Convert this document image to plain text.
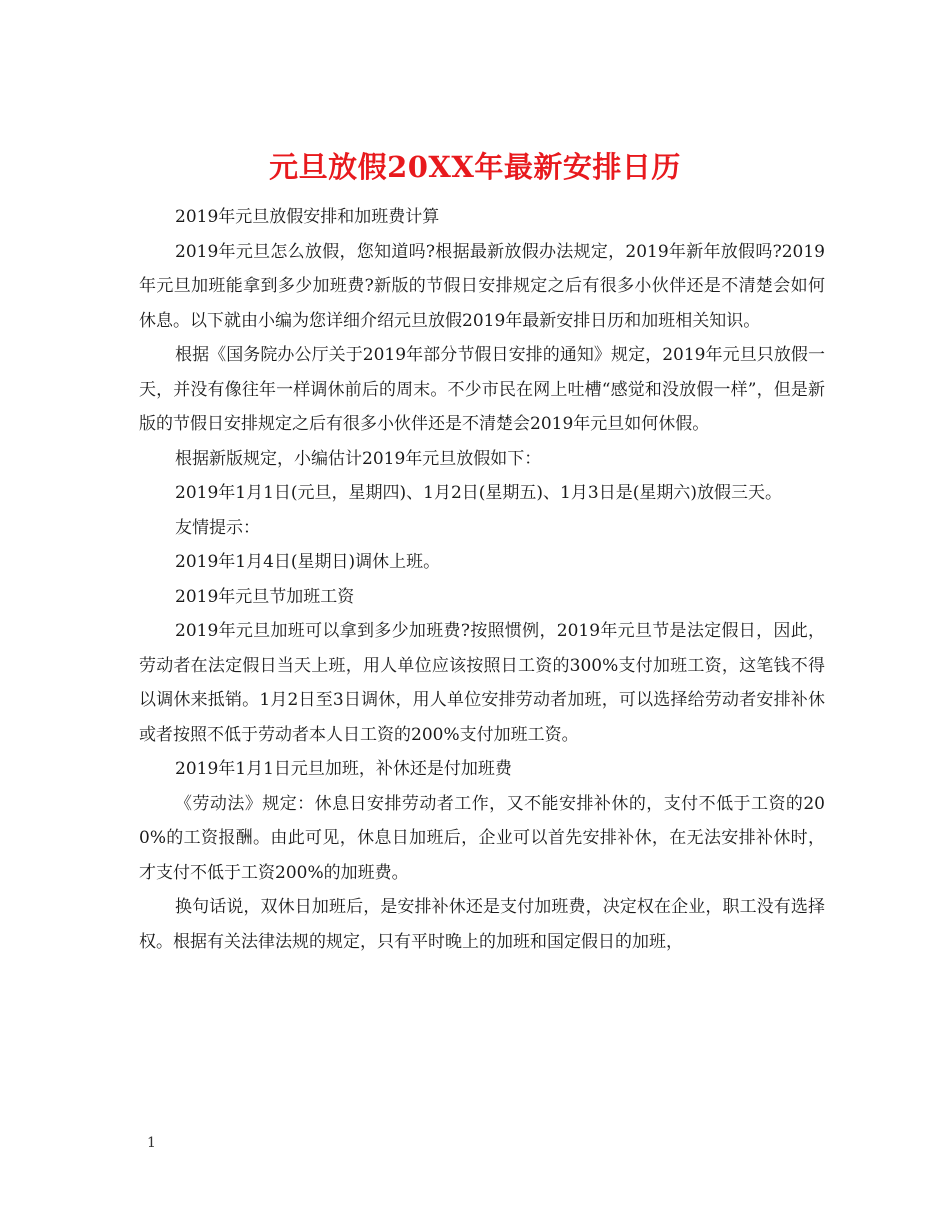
元旦放假20XX年最新安排日历

2019年元旦放假安排和加班费计算

2019年元旦怎么放假，您知道吗?根据最新放假办法规定，2019年新年放假吗?2019年元旦加班能拿到多少加班费?新版的节假日安排规定之后有很多小伙伴还是不清楚会如何休息。以下就由小编为您详细介绍元旦放假2019年最新安排日历和加班相关知识。

根据《国务院办公厅关于2019年部分节假日安排的通知》规定，2019年元旦只放假一天，并没有像往年一样调休前后的周末。不少市民在网上吐槽“感觉和没放假一样”，但是新版的节假日安排规定之后有很多小伙伴还是不清楚会2019年元旦如何休假。

根据新版规定，小编估计2019年元旦放假如下：

2019年1月1日(元旦，星期四)、1月2日(星期五)、1月3日是(星期六)放假三天。

友情提示：

2019年1月4日(星期日)调休上班。

2019年元旦节加班工资

2019年元旦加班可以拿到多少加班费?按照惯例，2019年元旦节是法定假日，因此，劳动者在法定假日当天上班，用人单位应该按照日工资的300%支付加班工资，这笔钱不得以调休来抵销。1月2日至3日调休，用人单位安排劳动者加班，可以选择给劳动者安排补休或者按照不低于劳动者本人日工资的200%支付加班工资。

2019年1月1日元旦加班，补休还是付加班费

《劳动法》规定：休息日安排劳动者工作，又不能安排补休的，支付不低于工资的200%的工资报酬。由此可见，休息日加班后，企业可以首先安排补休，在无法安排补休时，才支付不低于工资200%的加班费。

换句话说，双休日加班后，是安排补休还是支付加班费，决定权在企业，职工没有选择权。根据有关法律法规的规定，只有平时晚上的加班和国定假日的加班，

1
